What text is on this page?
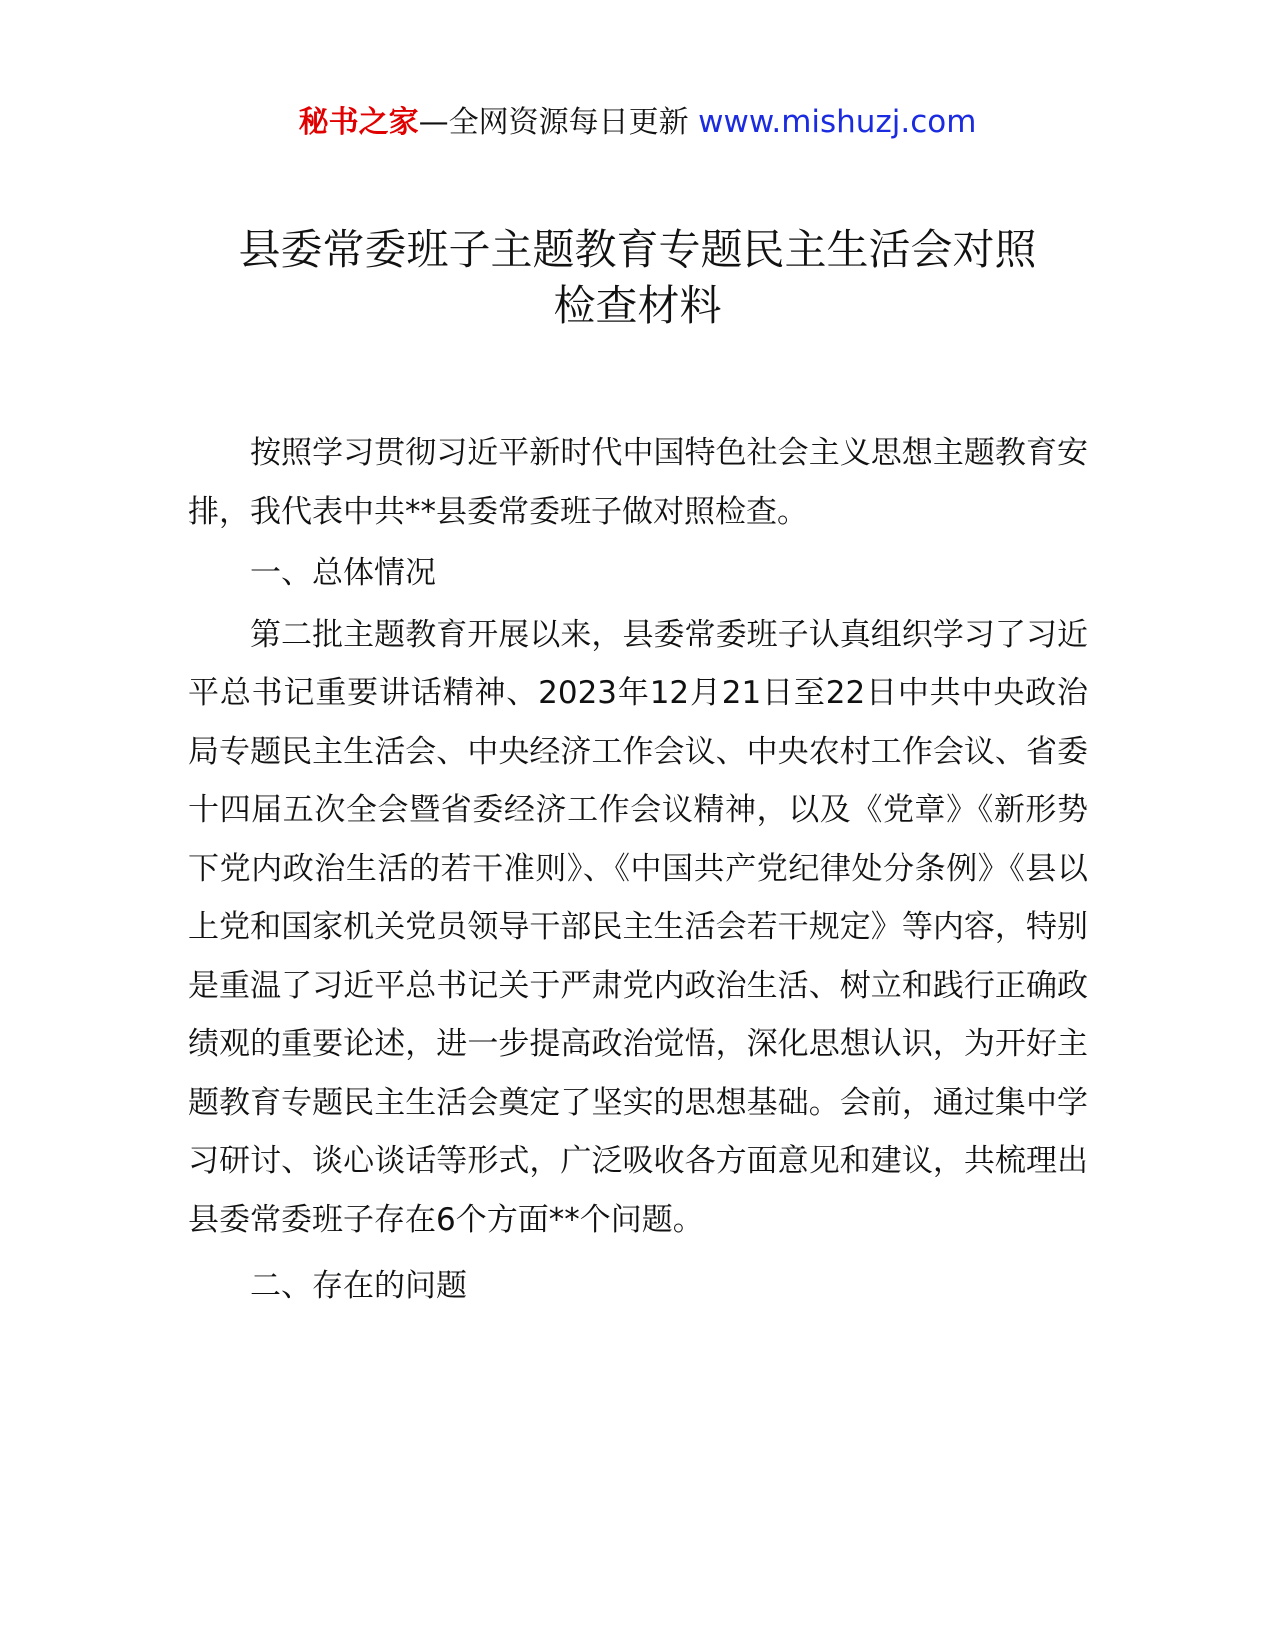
秘书之家—全网资源每日更新 www.mishuzj.com
县委常委班子主题教育专题民主生活会对照
检查材料

按照学习贯彻习近平新时代中国特色社会主义思想主题教育安排，我代表中共**县委常委班子做对照检查。

一、总体情况

第二批主题教育开展以来，县委常委班子认真组织学习了习近平总书记重要讲话精神、2023年12月21日至22日中共中央政治局专题民主生活会、中央经济工作会议、中央农村工作会议、省委十四届五次全会暨省委经济工作会议精神，以及《党章》《新形势下党内政治生活的若干准则》、《中国共产党纪律处分条例》《县以上党和国家机关党员领导干部民主生活会若干规定》等内容，特别是重温了习近平总书记关于严肃党内政治生活、树立和践行正确政绩观的重要论述，进一步提高政治觉悟，深化思想认识，为开好主题教育专题民主生活会奠定了坚实的思想基础。会前，通过集中学习研讨、谈心谈话等形式，广泛吸收各方面意见和建议，共梳理出县委常委班子存在6个方面**个问题。

二、存在的问题
